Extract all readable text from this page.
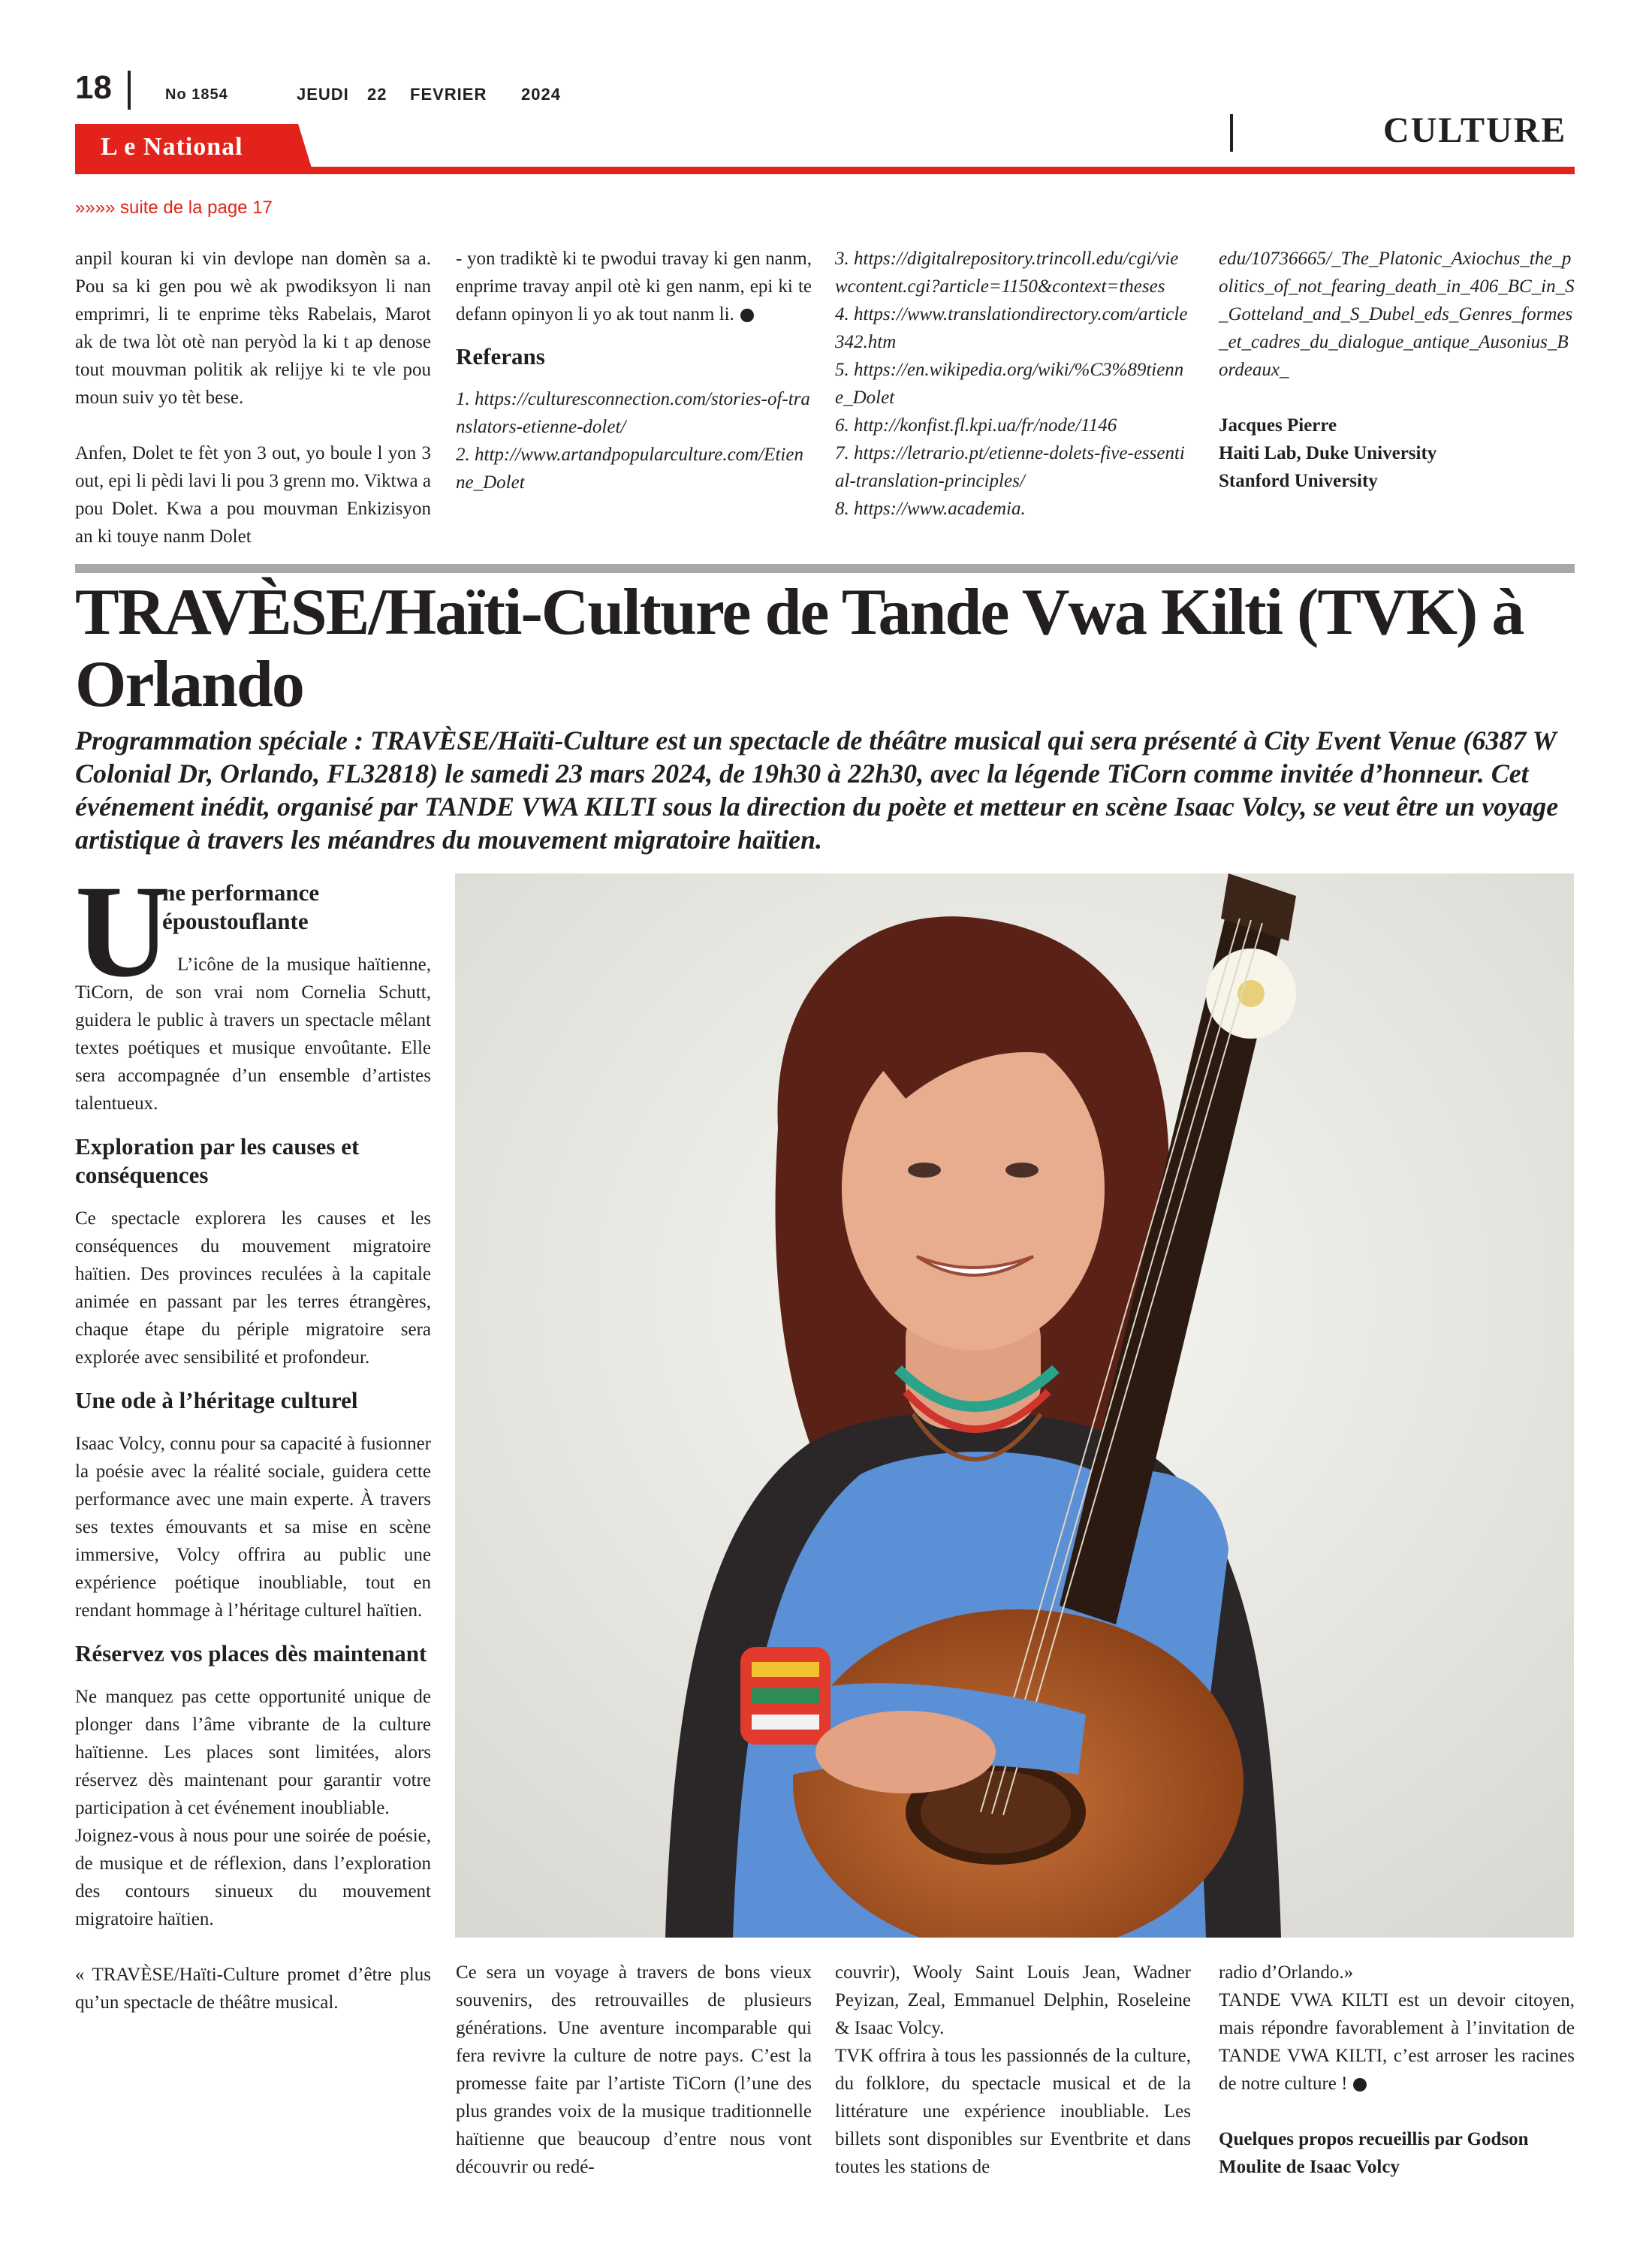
18	No 1854	JEUDI 22 FEVRIER 2024
CULTURE
L e National
»»»» suite de la page 17

anpil kouran ki vin devlope nan domèn sa a. Pou sa ki gen pou wè ak pwodiksyon li nan emprimri, li te enprime tèks Rabelais, Marot ak de twa lòt otè nan peryòd la ki t ap denose tout mouvman politik ak relijye ki te vle pou moun suiv yo tèt bese.

Anfen, Dolet te fèt yon 3 out, yo boule l yon 3 out, epi li pèdi lavi li pou 3 grenn mo. Viktwa a pou Dolet. Kwa a pou mouvman Enkizisyon an ki touye nanm Dolet

- yon tradiktè ki te pwodui travay ki gen nanm, enprime travay anpil otè ki gen nanm, epi ki te defann opinyon li yo ak tout nanm li.

Referans

1. https://culturesconnection.com/stories-of-translators-etienne-dolet/

2. http://www.artandpopularculture.com/Etienne_Dolet

3. https://digitalrepository.trincoll.edu/cgi/viewcontent.cgi?article=1150&context=theses

4. https://www.translationdirectory.com/article342.htm

5. https://en.wikipedia.org/wiki/%C3%89tienne_Dolet

6. http://konfist.fl.kpi.ua/fr/node/1146

7. https://letrario.pt/etienne-dolets-five-essential-translation-principles/

8. https://www.academia.

edu/10736665/_The_Platonic_Axiochus_the_politics_of_not_fearing_death_in_406_BC_in_S_Gotteland_and_S_Dubel_eds_Genres_formes_et_cadres_du_dialogue_antique_Ausonius_Bordeaux_

Jacques Pierre
Haiti Lab, Duke University
Stanford University
TRAVÈSE/Haïti-Culture de Tande Vwa Kilti (TVK) à Orlando

Programmation spéciale : TRAVÈSE/Haïti-Culture est un spectacle de théâtre musical qui sera présenté à City Event Venue (6387 W Colonial Dr, Orlando, FL32818) le samedi 23 mars 2024, de 19h30 à 22h30, avec la légende TiCorn comme invitée d’honneur. Cet événement inédit, organisé par TANDE VWA KILTI sous la direction du poète et metteur en scène Isaac Volcy, se veut être un voyage artistique à travers les méandres du mouvement migratoire haïtien.

U
ne performance époustouflante

L’icône de la musique haïtienne, TiCorn, de son vrai nom Cornelia Schutt, guidera le public à travers un spectacle mêlant textes poétiques et musique envoûtante. Elle sera accompagnée d’un ensemble d’artistes talentueux.

Exploration par les causes et conséquences

Ce spectacle explorera les causes et les conséquences du mouvement migratoire haïtien. Des provinces reculées à la capitale animée en passant par les terres étrangères, chaque étape du périple migratoire sera explorée avec sensibilité et profondeur.

Une ode à l’héritage culturel

Isaac Volcy, connu pour sa capacité à fusionner la poésie avec la réalité sociale, guidera cette performance avec une main experte. À travers ses textes émouvants et sa mise en scène immersive, Volcy offrira au public une expérience poétique inoubliable, tout en rendant hommage à l’héritage culturel haïtien.

Réservez vos places dès maintenant

Ne manquez pas cette opportunité unique de plonger dans l’âme vibrante de la culture haïtienne. Les places sont limitées, alors réservez dès maintenant pour garantir votre participation à cet événement inoubliable.

Joignez-vous à nous pour une soirée de poésie, de musique et de réflexion, dans l’exploration des contours sinueux du mouvement migratoire haïtien.

« TRAVÈSE/Haïti-Culture promet d’être plus qu’un spectacle de théâtre musical.

Ce sera un voyage à travers de bons vieux souvenirs, des retrouvailles de plusieurs générations. Une aventure incomparable qui fera revivre la culture de notre pays. C’est la promesse faite par l’artiste TiCorn (l’une des plus grandes voix de la musique traditionnelle haïtienne que beaucoup d’entre nous vont découvrir ou redé-

couvrir), Wooly Saint Louis Jean, Wadner Peyizan, Zeal, Emmanuel Delphin, Roseleine & Isaac Volcy.

TVK offrira à tous les passionnés de la culture, du folklore, du spectacle musical et de la littérature une expérience inoubliable. Les billets sont disponibles sur Eventbrite et dans toutes les stations de

radio d’Orlando.»

TANDE VWA KILTI est un devoir citoyen, mais répondre favorablement à l’invitation de TANDE VWA KILTI, c’est arroser les racines de notre culture !

Quelques propos recueillis par Godson Moulite de Isaac Volcy
